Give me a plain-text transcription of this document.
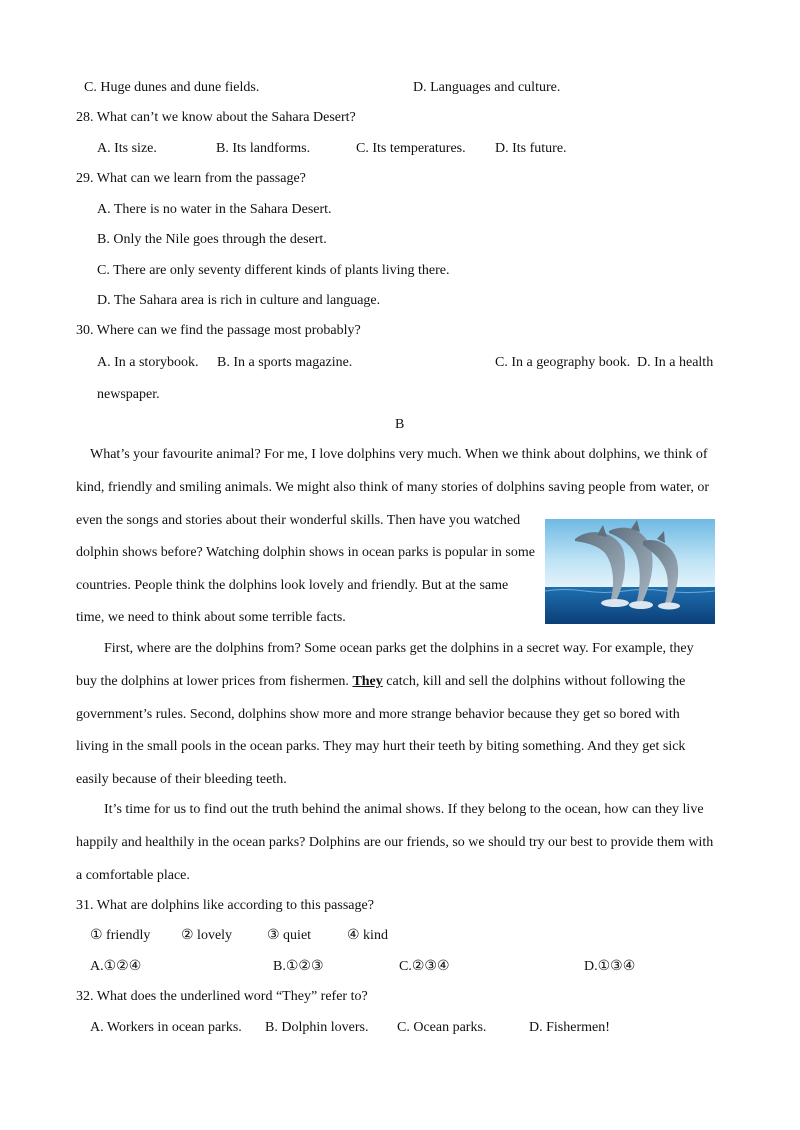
C. Huge dunes and dune fields.	D. Languages and culture.
28. What can’t we know about the Sahara Desert?
A. Its size.	B. Its landforms.	C. Its temperatures. D. Its future.
29. What can we learn from the passage?
A. There is no water in the Sahara Desert.
B. Only the Nile goes through the desert.
C. There are only seventy different kinds of plants living there.
D. The Sahara area is rich in culture and language.
30. Where can we find the passage most probably?
A. In a storybook. B. In a sports magazine.	C. In a geography book. D. In a health
newspaper.
B
What’s your favourite animal? For me, I love dolphins very much. When we think about dolphins, we think of
kind, friendly and smiling animals. We might also think of many stories of dolphins saving people from water, or
even the songs and stories about their wonderful skills. Then have you watched
dolphin shows before? Watching dolphin shows in ocean parks is popular in some
countries. People think the dolphins look lovely and friendly. But at the same
time, we need to think about some terrible facts.
First, where are the dolphins from? Some ocean parks get the dolphins in a secret way. For example, they
buy the dolphins at lower prices from fishermen. They catch, kill and sell the dolphins without following the
government’s rules. Second, dolphins show more and more strange behavior because they get so bored with
living in the small pools in the ocean parks. They may hurt their teeth by biting something. And they get sick
easily because of their bleeding teeth.
It’s time for us to find out the truth behind the animal shows. If they belong to the ocean, how can they live
happily and healthily in the ocean parks? Dolphins are our friends, so we should try our best to provide them with
a comfortable place.
31. What are dolphins like according to this passage?
① friendly ② lovely ③ quiet	④ kind
A.①②④	B.①②③	C.②③④	D.①③④
32. What does the underlined word “They” refer to?
A. Workers in ocean parks. B. Dolphin lovers. C. Ocean parks.	D. Fishermen!
